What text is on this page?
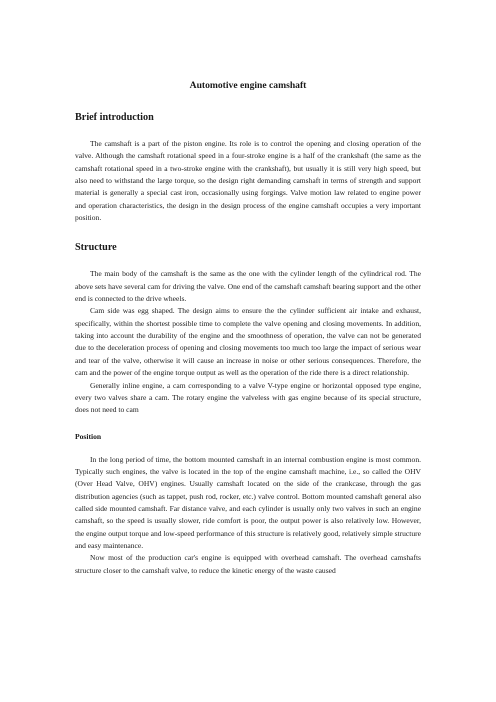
Automotive engine camshaft
Brief introduction

The camshaft is a part of the piston engine. Its role is to control the opening and closing operation of the valve. Although the camshaft rotational speed in a four-stroke engine is a half of the crankshaft (the same as the camshaft rotational speed in a two-stroke engine with the crankshaft), but usually it is still very high speed, but also need to withstand the large torque, so the design right demanding camshaft in terms of strength and support material is generally a special cast iron, occasionally using forgings. Valve motion law related to engine power and operation characteristics, the design in the design process of the engine camshaft occupies a very important position.

Structure

The main body of the camshaft is the same as the one with the cylinder length of the cylindrical rod. The above sets have several cam for driving the valve. One end of the camshaft camshaft bearing support and the other end is connected to the drive wheels.

Cam side was egg shaped. The design aims to ensure the the cylinder sufficient air intake and exhaust, specifically, within the shortest possible time to complete the valve opening and closing movements. In addition, taking into account the durability of the engine and the smoothness of operation, the valve can not be generated due to the deceleration process of opening and closing movements too much too large the impact of serious wear and tear of the valve, otherwise it will cause an increase in noise or other serious consequences. Therefore, the cam and the power of the engine torque output as well as the operation of the ride there is a direct relationship.

Generally inline engine, a cam corresponding to a valve V-type engine or horizontal opposed type engine, every two valves share a cam. The rotary engine the valveless with gas engine because of its special structure, does not need to cam

Position

In the long period of time, the bottom mounted camshaft in an internal combustion engine is most common. Typically such engines, the valve is located in the top of the engine camshaft machine, i.e., so called the OHV (Over Head Valve, OHV) engines. Usually camshaft located on the side of the crankcase, through the gas distribution agencies (such as tappet, push rod, rocker, etc.) valve control. Bottom mounted camshaft general also called side mounted camshaft. Far distance valve, and each cylinder is usually only two valves in such an engine camshaft, so the speed is usually slower, ride comfort is poor, the output power is also relatively low. However, the engine output torque and low-speed performance of this structure is relatively good, relatively simple structure and easy maintenance.

Now most of the production car's engine is equipped with overhead camshaft. The overhead camshafts structure closer to the camshaft valve, to reduce the kinetic energy of the waste caused
